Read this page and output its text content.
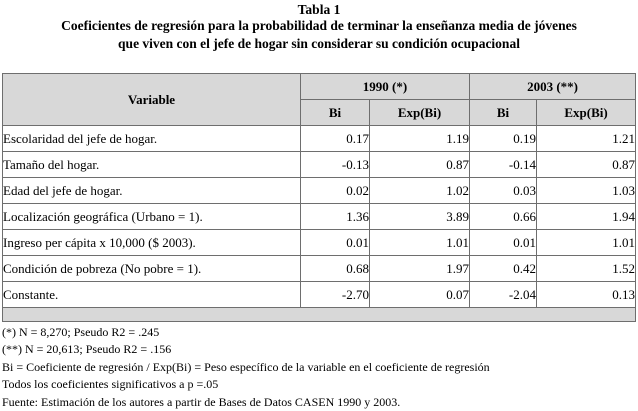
Tabla 1
Coeficientes de regresión para la probabilidad de terminar la enseñanza media de jóvenes
que viven con el jefe de hogar sin considerar su condición ocupacional
Variable	1990 (*)		2003 (**)	
	Bi	Exp(Bi)	Bi	Exp(Bi)
Escolaridad del jefe de hogar.	0.17	1.19	0.19	1.21
Tamaño del hogar.	-0.13	0.87	-0.14	0.87
Edad del jefe de hogar.	0.02	1.02	0.03	1.03
Localización geográfica (Urbano = 1).	1.36	3.89	0.66	1.94
Ingreso per cápita x 10,000 ($ 2003).	0.01	1.01	0.01	1.01
Condición de pobreza (No pobre = 1).	0.68	1.97	0.42	1.52
Constante.	-2.70	0.07	-2.04	0.13

(*) N = 8,270; Pseudo R2 = .245
(**) N = 20,613; Pseudo R2 = .156
Bi = Coeficiente de regresión / Exp(Bi) = Peso específico de la variable en el coeficiente de regresión
Todos los coeficientes significativos a p =.05
Fuente: Estimación de los autores a partir de Bases de Datos CASEN 1990 y 2003.
